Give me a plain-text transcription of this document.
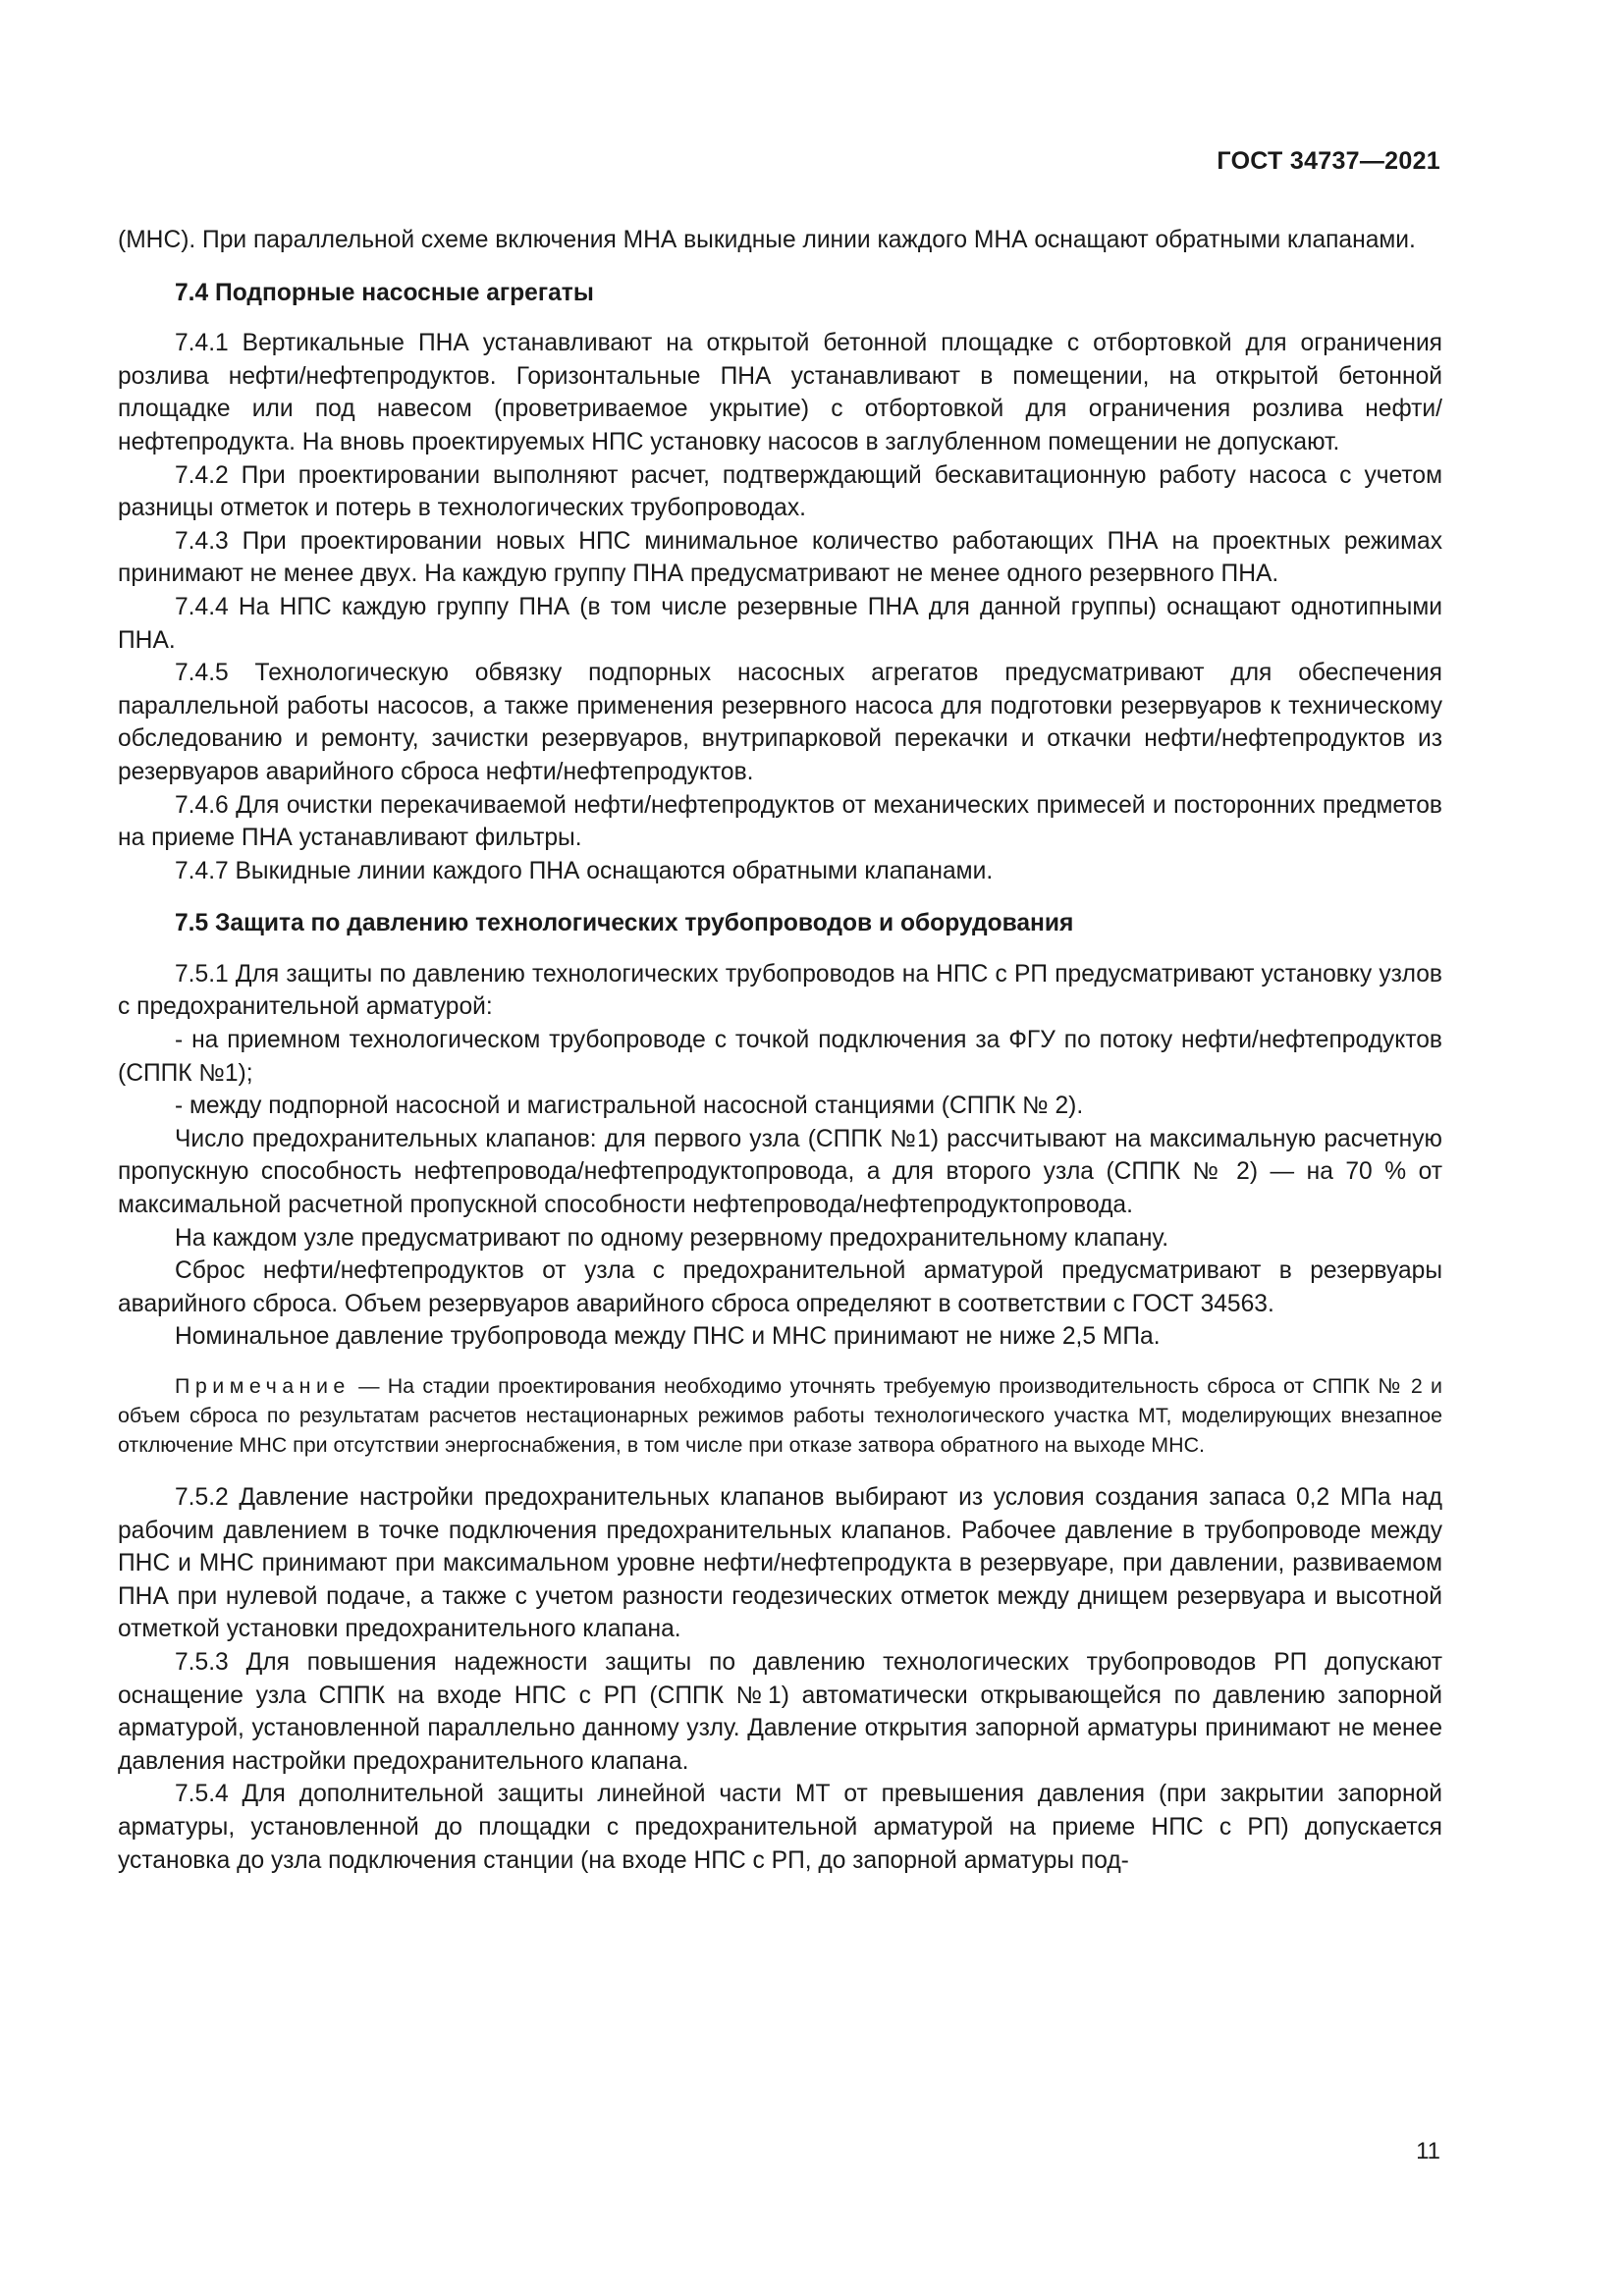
ГОСТ 34737—2021

(МНС). При параллельной схеме включения МНА выкидные линии каждого МНА оснащают обратными клапанами.

7.4 Подпорные насосные агрегаты

7.4.1 Вертикальные ПНА устанавливают на открытой бетонной площадке с отбортовкой для ограничения розлива нефти/нефтепродуктов. Горизонтальные ПНА устанавливают в помещении, на открытой бетонной площадке или под навесом (проветриваемое укрытие) с отбортовкой для ограничения розлива нефти/нефтепродукта. На вновь проектируемых НПС установку насосов в заглубленном помещении не допускают.

7.4.2 При проектировании выполняют расчет, подтверждающий бескавитационную работу насоса с учетом разницы отметок и потерь в технологических трубопроводах.

7.4.3 При проектировании новых НПС минимальное количество работающих ПНА на проектных режимах принимают не менее двух. На каждую группу ПНА предусматривают не менее одного резервного ПНА.

7.4.4 На НПС каждую группу ПНА (в том числе резервные ПНА для данной группы) оснащают однотипными ПНА.

7.4.5 Технологическую обвязку подпорных насосных агрегатов предусматривают для обеспечения параллельной работы насосов, а также применения резервного насоса для подготовки резервуаров к техническому обследованию и ремонту, зачистки резервуаров, внутрипарковой перекачки и откачки нефти/нефтепродуктов из резервуаров аварийного сброса нефти/нефтепродуктов.

7.4.6 Для очистки перекачиваемой нефти/нефтепродуктов от механических примесей и посторонних предметов на приеме ПНА устанавливают фильтры.

7.4.7 Выкидные линии каждого ПНА оснащаются обратными клапанами.

7.5 Защита по давлению технологических трубопроводов и оборудования

7.5.1 Для защиты по давлению технологических трубопроводов на НПС с РП предусматривают установку узлов с предохранительной арматурой:

- на приемном технологическом трубопроводе с точкой подключения за ФГУ по потоку нефти/нефтепродуктов (СППК №1);

- между подпорной насосной и магистральной насосной станциями (СППК № 2).

Число предохранительных клапанов: для первого узла (СППК №1) рассчитывают на максимальную расчетную пропускную способность нефтепровода/нефтепродуктопровода, а для второго узла (СППК № 2) — на 70 % от максимальной расчетной пропускной способности нефтепровода/нефтепродуктопровода.

На каждом узле предусматривают по одному резервному предохранительному клапану.

Сброс нефти/нефтепродуктов от узла с предохранительной арматурой предусматривают в резервуары аварийного сброса. Объем резервуаров аварийного сброса определяют в соответствии с ГОСТ 34563.

Номинальное давление трубопровода между ПНС и МНС принимают не ниже 2,5 МПа.

Примечание — На стадии проектирования необходимо уточнять требуемую производительность сброса от СППК № 2 и объем сброса по результатам расчетов нестационарных режимов работы технологического участка МТ, моделирующих внезапное отключение МНС при отсутствии энергоснабжения, в том числе при отказе затвора обратного на выходе МНС.

7.5.2 Давление настройки предохранительных клапанов выбирают из условия создания запаса 0,2 МПа над рабочим давлением в точке подключения предохранительных клапанов. Рабочее давление в трубопроводе между ПНС и МНС принимают при максимальном уровне нефти/нефтепродукта в резервуаре, при давлении, развиваемом ПНА при нулевой подаче, а также с учетом разности геодезических отметок между днищем резервуара и высотной отметкой установки предохранительного клапана.

7.5.3 Для повышения надежности защиты по давлению технологических трубопроводов РП допускают оснащение узла СППК на входе НПС с РП (СППК №1) автоматически открывающейся по давлению запорной арматурой, установленной параллельно данному узлу. Давление открытия запорной арматуры принимают не менее давления настройки предохранительного клапана.

7.5.4 Для дополнительной защиты линейной части МТ от превышения давления (при закрытии запорной арматуры, установленной до площадки с предохранительной арматурой на приеме НПС с РП) допускается установка до узла подключения станции (на входе НПС с РП, до запорной арматуры под-

11
